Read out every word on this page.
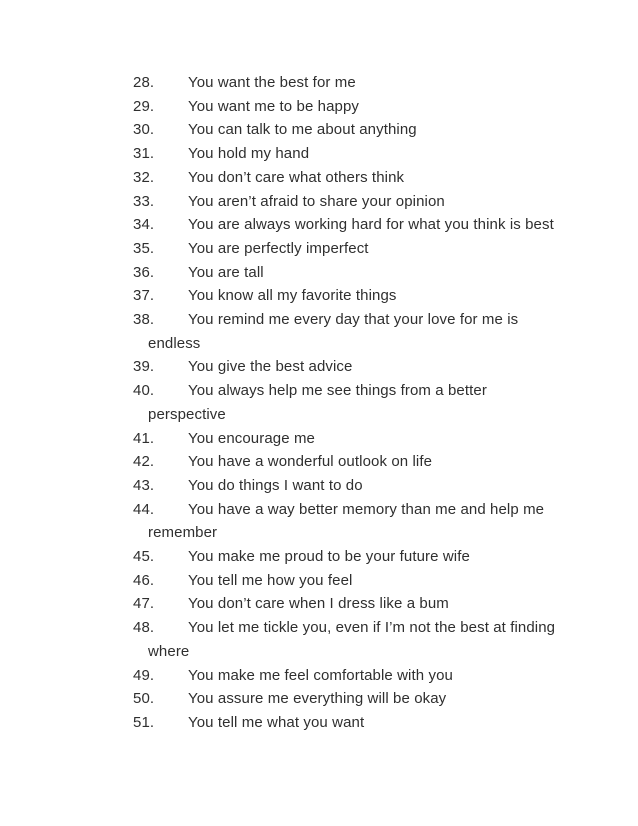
28. You want the best for me
29. You want me to be happy
30. You can talk to me about anything
31. You hold my hand
32. You don’t care what others think
33. You aren’t afraid to share your opinion
34. You are always working hard for what you think is best
35. You are perfectly imperfect
36. You are tall
37. You know all my favorite things
38. You remind me every day that your love for me is
endless
39. You give the best advice
40. You always help me see things from a better
perspective
41. You encourage me
42. You have a wonderful outlook on life
43. You do things I want to do
44. You have a way better memory than me and help me
remember
45. You make me proud to be your future wife
46. You tell me how you feel
47. You don’t care when I dress like a bum
48. You let me tickle you, even if I’m not the best at finding
where
49. You make me feel comfortable with you
50. You assure me everything will be okay
51. You tell me what you want
